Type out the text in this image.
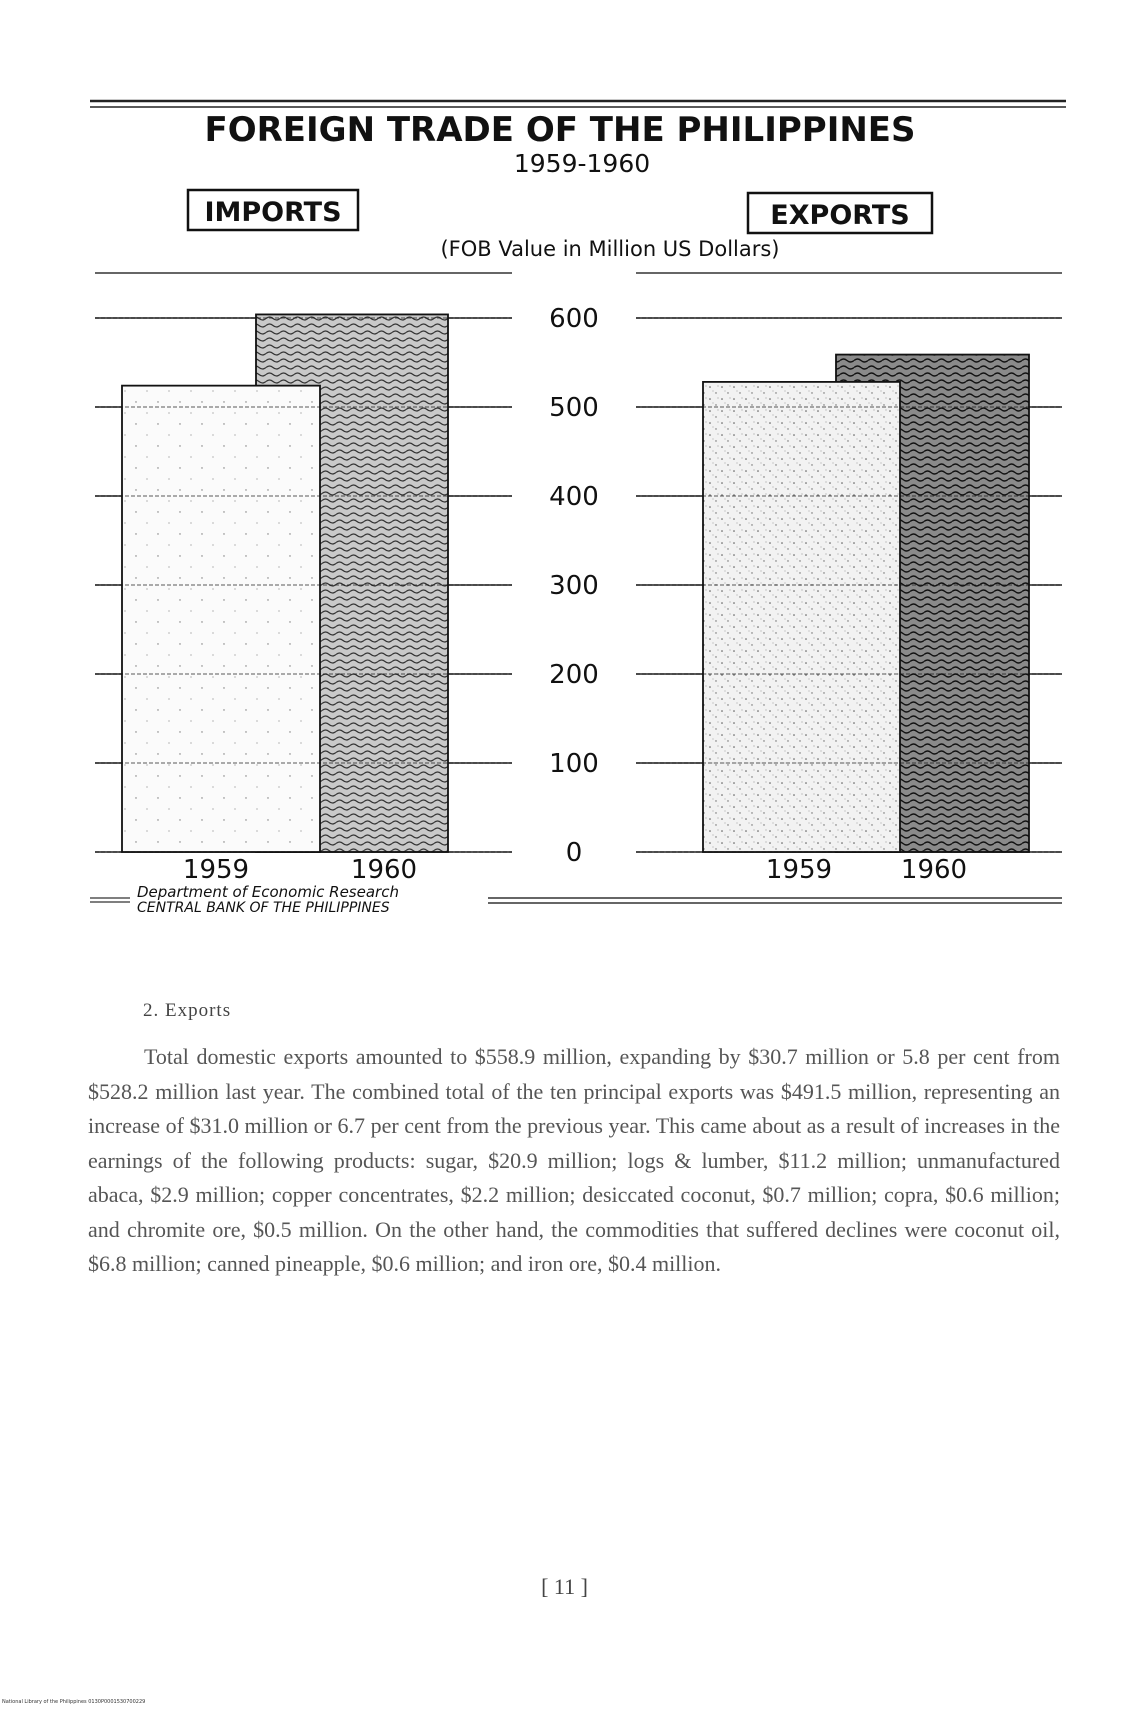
FOREIGN TRADE OF THE PHILIPPINES
1959-1960
IMPORTS	EXPORTS
(FOB Value in Million US Dollars)
0
100
200
300
400
500
600
1959	1960	1959	1960
Department of Economic Research
CENTRAL BANK OF THE PHILIPPINES
2. Exports

Total domestic exports amounted to $558.9 million, expanding by $30.7 million or 5.8 per cent from $528.2 million last year. The combined total of the ten principal exports was $491.5 million, representing an increase of $31.0 million or 6.7 per cent from the previous year. This came about as a result of increases in the earnings of the following products: sugar, $20.9 million; logs & lumber, $11.2 million; unmanufactured abaca, $2.9 million; copper concentrates, $2.2 million; desiccated coconut, $0.7 million; copra, $0.6 million; and chromite ore, $0.5 million. On the other hand, the commodities that suffered declines were coconut oil, $6.8 million; canned pineapple, $0.6 million; and iron ore, $0.4 million.

[ 11 ]
National Library of the Philippines 0130P0001530700229
